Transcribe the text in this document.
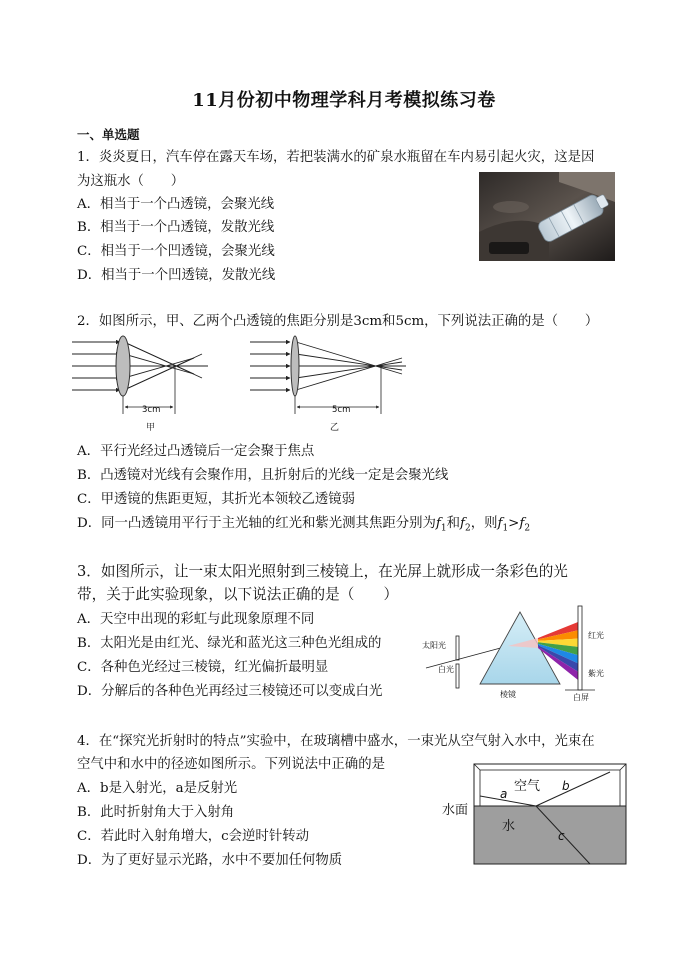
11月份初中物理学科月考模拟练习卷
一、单选题
1．炎炎夏日，汽车停在露天车场，若把装满水的矿泉水瓶留在车内易引起火灾，这是因
为这瓶水（　　）
A．相当于一个凸透镜，会聚光线
B．相当于一个凸透镜，发散光线
C．相当于一个凹透镜，会聚光线
D．相当于一个凹透镜，发散光线
2．如图所示，甲、乙两个凸透镜的焦距分别是3cm和5cm，下列说法正确的是（　　）
3cm
甲
5cm
乙
A．平行光经过凸透镜后一定会聚于焦点
B．凸透镜对光线有会聚作用，且折射后的光线一定是会聚光线
C．甲透镜的焦距更短，其折光本领较乙透镜弱
D．同一凸透镜用平行于主光轴的红光和紫光测其焦距分别为$f_1$和$f_2$，则$f_1>f_2$
3．如图所示，让一束太阳光照射到三棱镜上，在光屏上就形成一条彩色的光
带，关于此实验现象，以下说法正确的是（　　）
A．天空中出现的彩虹与此现象原理不同
B．太阳光是由红光、绿光和蓝光这三种色光组成的
C．各种色光经过三棱镜，红光偏折最明显
D．分解后的各种色光再经过三棱镜还可以变成白光
太阳光
白光
棱镜
红光
紫光
白屏
4．在“探究光折射时的特点”实验中，在玻璃槽中盛水，一束光从空气射入水中，光束在
空气中和水中的径迹如图所示。下列说法中正确的是
A．b是入射光，a是反射光
B．此时折射角大于入射角
C．若此时入射角增大，c会逆时针转动
D．为了更好显示光路，水中不要加任何物质
空气
a
b
水
c
水面
